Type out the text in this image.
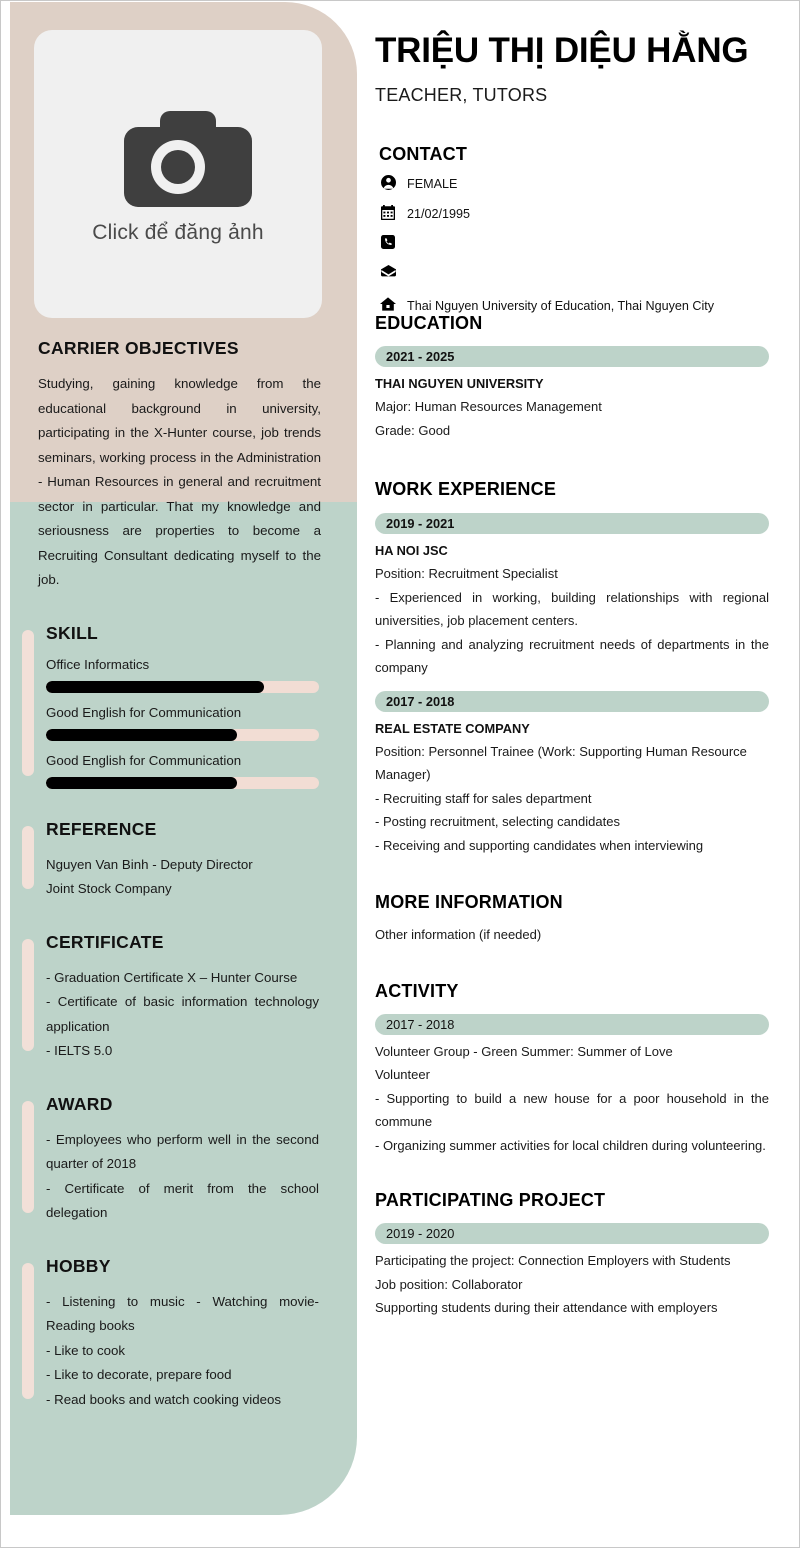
Click để đăng ảnh
CARRIER OBJECTIVES

Studying, gaining knowledge from the educational background in university, participating in the X-Hunter course, job trends seminars, working process in the Administration - Human Resources in general and recruitment sector in particular. That my knowledge and seriousness are properties to become a Recruiting Consultant dedicating myself to the job.

SKILL
Office Informatics
Good English for Communication
Good English for Communication
REFERENCE
Nguyen Van Binh - Deputy Director
Joint Stock Company
CERTIFICATE
- Graduation Certificate X – Hunter Course
- Certificate of basic information technology application
- IELTS 5.0
AWARD
- Employees who perform well in the second quarter of 2018
- Certificate of merit from the school delegation
HOBBY
- Listening to music - Watching movie- Reading books
- Like to cook
- Like to decorate, prepare food
- Read books and watch cooking videos
TRIỆU THỊ DIỆU HẰNG
TEACHER, TUTORS
CONTACT
FEMALE
21/02/1995
Thai Nguyen University of Education, Thai Nguyen City
EDUCATION
2021 - 2025
THAI NGUYEN UNIVERSITY
Major: Human Resources Management
Grade: Good
WORK EXPERIENCE
2019 - 2021
HA NOI JSC
Position: Recruitment Specialist
- Experienced in working, building relationships with regional universities, job placement centers.
- Planning and analyzing recruitment needs of departments in the company
2017 - 2018
REAL ESTATE COMPANY
Position: Personnel Trainee (Work: Supporting Human Resource Manager)
- Recruiting staff for sales department
- Posting recruitment, selecting candidates
- Receiving and supporting candidates when interviewing
MORE INFORMATION
Other information (if needed)
ACTIVITY
2017 - 2018
Volunteer Group - Green Summer: Summer of Love
Volunteer
- Supporting to build a new house for a poor household in the commune
- Organizing summer activities for local children during volunteering.
PARTICIPATING PROJECT
2019 - 2020
Participating the project: Connection Employers with Students
Job position: Collaborator
Supporting students during their attendance with employers
